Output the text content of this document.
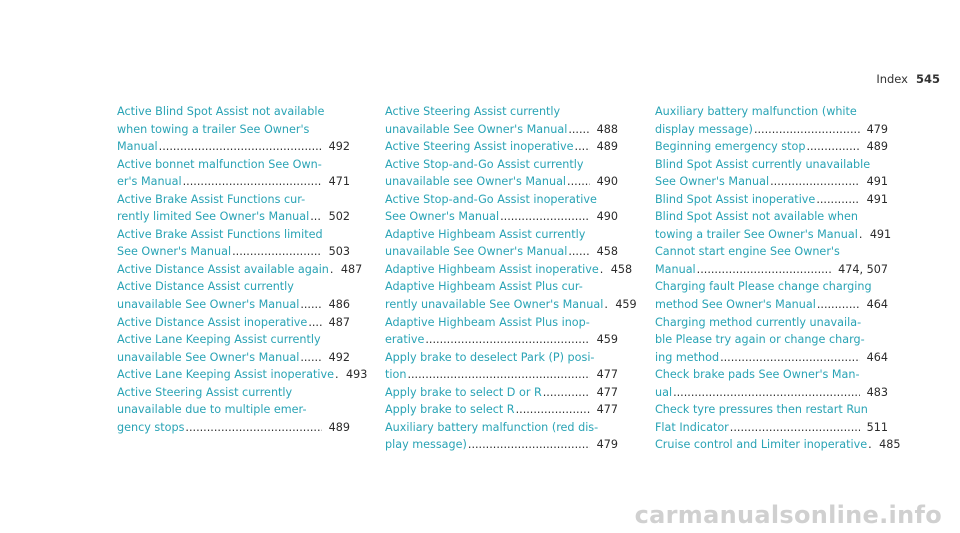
Index 545
Active Blind Spot Assist not available
when towing a trailer See Owner's
Manual .....	492
Active bonnet malfunction See Own-
er's Manual .....	471
Active Brake Assist Functions cur-
rently limited See Owner's Manual .....	502
Active Brake Assist Functions limited
See Owner's Manual .....	503
Active Distance Assist available again .....	487
Active Distance Assist currently
unavailable See Owner's Manual .....	486
Active Distance Assist inoperative .....	487
Active Lane Keeping Assist currently
unavailable See Owner's Manual .....	492
Active Lane Keeping Assist inoperative .....	493
Active Steering Assist currently
unavailable due to multiple emer-
gency stops .....	489
Active Steering Assist currently
unavailable See Owner's Manual .....	488
Active Steering Assist inoperative .....	489
Active Stop-and-Go Assist currently
unavailable see Owner's Manual .....	490
Active Stop-and-Go Assist inoperative
See Owner's Manual .....	490
Adaptive Highbeam Assist currently
unavailable See Owner's Manual .....	458
Adaptive Highbeam Assist inoperative .....	458
Adaptive Highbeam Assist Plus cur-
rently unavailable See Owner's Manual .....	459
Adaptive Highbeam Assist Plus inop-
erative .....	459
Apply brake to deselect Park (P) posi-
tion .....	477
Apply brake to select D or R .....	477
Apply brake to select R .....	477
Auxiliary battery malfunction (red dis-
play message) .....	479
Auxiliary battery malfunction (white
display message) .....	479
Beginning emergency stop .....	489
Blind Spot Assist currently unavailable
See Owner's Manual .....	491
Blind Spot Assist inoperative .....	491
Blind Spot Assist not available when
towing a trailer See Owner's Manual .....	491
Cannot start engine See Owner's
Manual .....	474, 507
Charging fault Please change charging
method See Owner's Manual .....	464
Charging method currently unavaila-
ble Please try again or change charg-
ing method .....	464
Check brake pads See Owner's Man-
ual .....	483
Check tyre pressures then restart Run
Flat Indicator .....	511
Cruise control and Limiter inoperative .....	485
carmanualsonline.info
